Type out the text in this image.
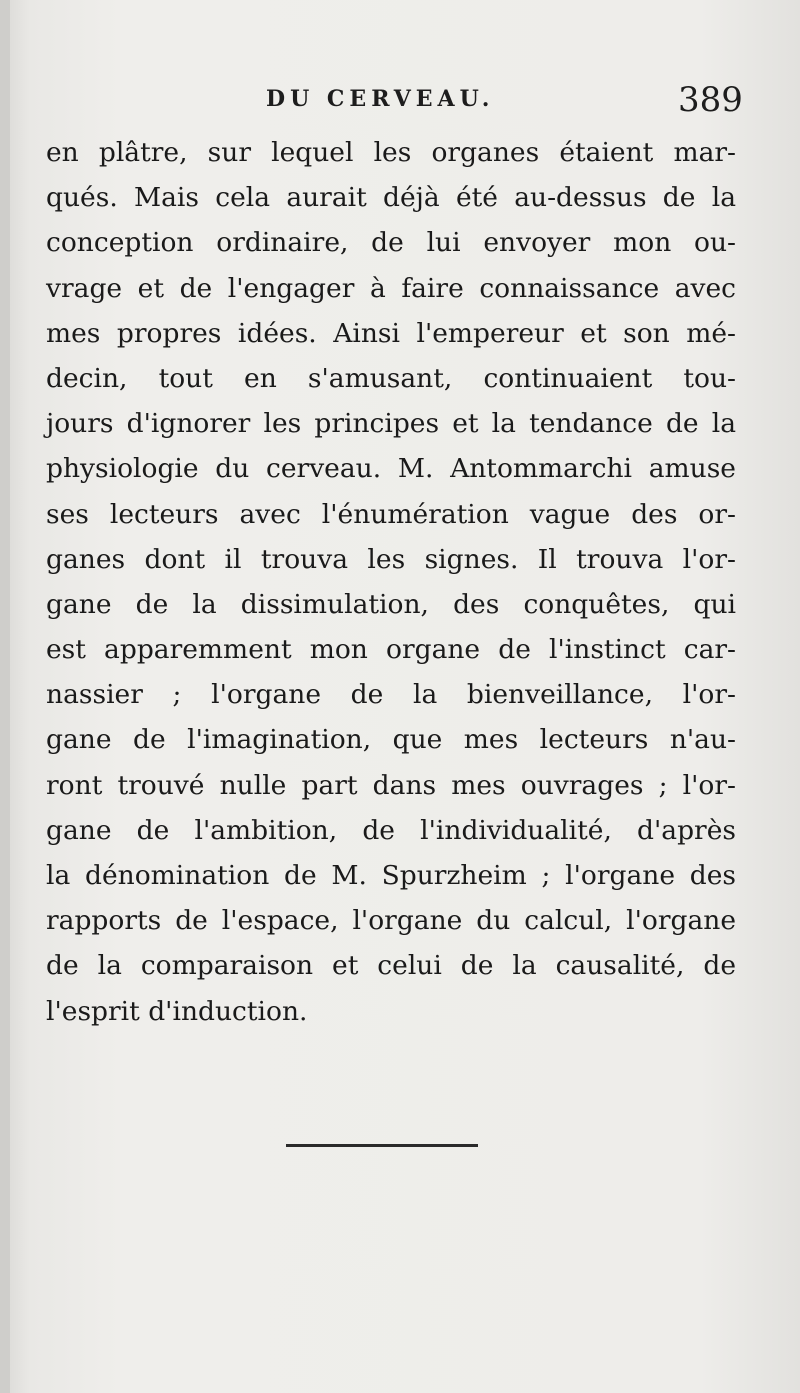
DU CERVEAU.	389
en plâtre, sur lequel les organes étaient mar-
qués. Mais cela aurait déjà été au-dessus de la
conception ordinaire, de lui envoyer mon ou-
vrage et de l'engager à faire connaissance avec
mes propres idées. Ainsi l'empereur et son mé-
decin, tout en s'amusant, continuaient tou-
jours d'ignorer les principes et la tendance de la
physiologie du cerveau. M. Antommarchi amuse
ses lecteurs avec l'énumération vague des or-
ganes dont il trouva les signes. Il trouva l'or-
gane de la dissimulation, des conquêtes, qui
est apparemment mon organe de l'instinct car-
nassier ; l'organe de la bienveillance, l'or-
gane de l'imagination, que mes lecteurs n'au-
ront trouvé nulle part dans mes ouvrages ; l'or-
gane de l'ambition, de l'individualité, d'après
la dénomination de M. Spurzheim ; l'organe des
rapports de l'espace, l'organe du calcul, l'organe
de la comparaison et celui de la causalité, de
l'esprit d'induction.
